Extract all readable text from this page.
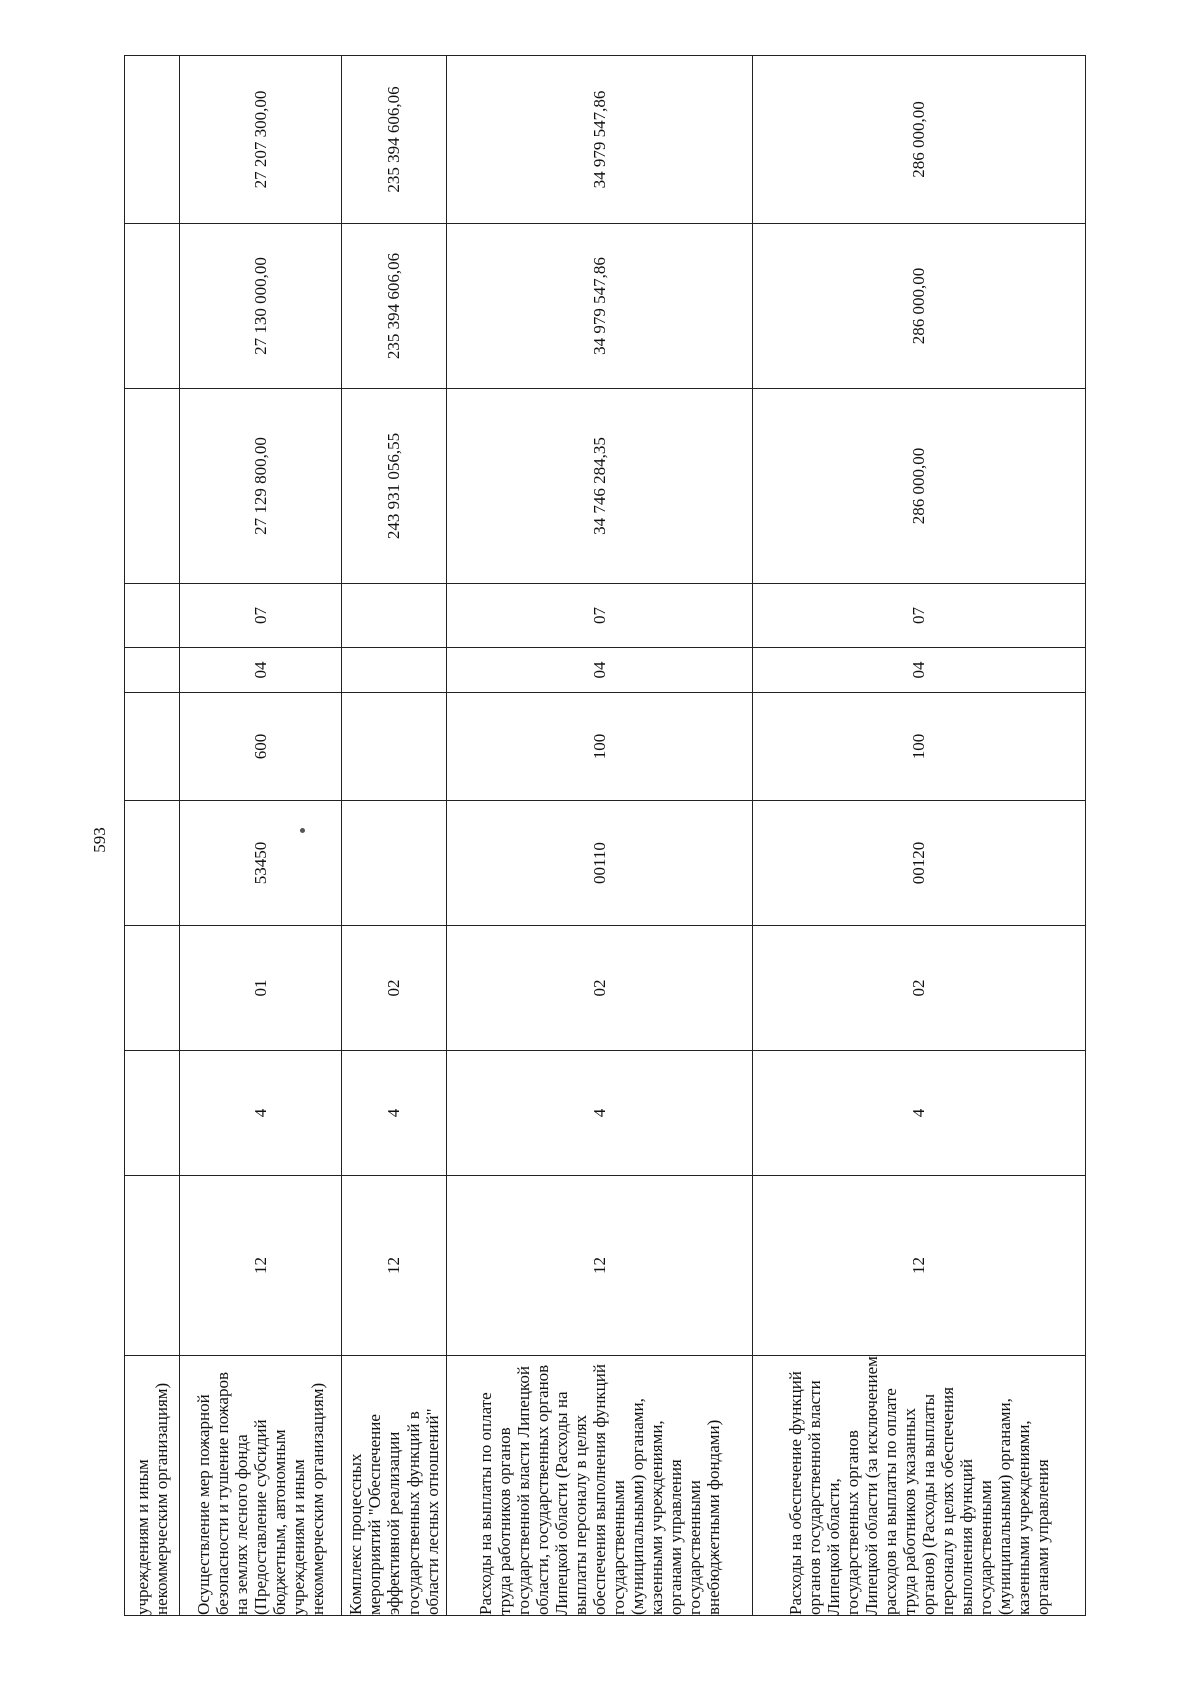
593
учреждениям и иным некоммерческим организациям)										
Осуществление мер пожарной безопасности и тушение пожаров на землях лесного фонда (Предоставление субсидий бюджетным, автономным учреждениям и иным некоммерческим организациям)	12	4	01	53450	600	04	07	27 129 800,00	27 130 000,00	27 207 300,00
Комплекс процессных мероприятий "Обеспечение эффективной реализации государственных функций в области лесных отношений"	12	4	02					243 931 056,55	235 394 606,06	235 394 606,06
Расходы на выплаты по оплате труда работников органов государственной власти Липецкой области, государственных органов Липецкой области (Расходы на выплаты персоналу в целях обеспечения выполнения функций государственными (муниципальными) органами, казенными учреждениями, органами управления государственными внебюджетными фондами)	12	4	02	00110	100	04	07	34 746 284,35	34 979 547,86	34 979 547,86
Расходы на обеспечение функций органов государственной власти Липецкой области, государственных органов Липецкой области (за исключением расходов на выплаты по оплате труда работников указанных органов) (Расходы на выплаты персоналу в целях обеспечения выполнения функций государственными (муниципальными) органами, казенными учреждениями, органами управления	12	4	02	00120	100	04	07	286 000,00	286 000,00	286 000,00
